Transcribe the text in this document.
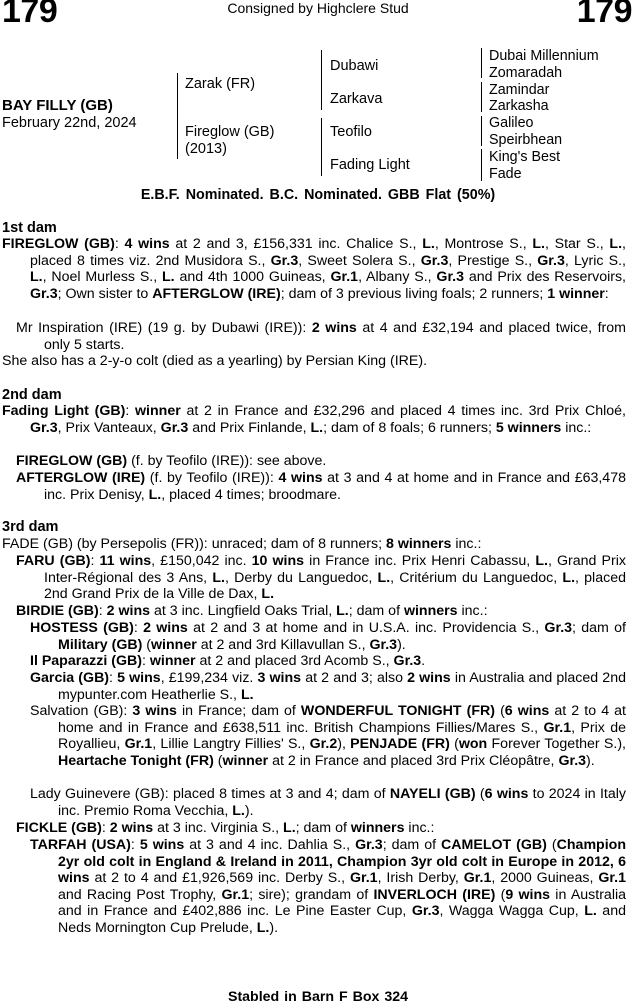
179	Consigned by Highclere Stud	179
BAY FILLY (GB)
February 22nd, 2024
Zarak (FR)
Fireglow (GB)
(2013)
Dubawi
Zarkava
Teofilo
Fading Light
Dubai Millennium
Zomaradah
Zamindar
Zarkasha
Galileo
Speirbhean
King's Best
Fade
E.B.F. Nominated. B.C. Nominated. GBB Flat (50%)
1st dam
FIREGLOW (GB): 4 wins at 2 and 3, £156,331 inc. Chalice S., L., Montrose S., L., Star S., L., placed 8 times viz. 2nd Musidora S., Gr.3, Sweet Solera S., Gr.3, Prestige S., Gr.3, Lyric S., L., Noel Murless S., L. and 4th 1000 Guineas, Gr.1, Albany S., Gr.3 and Prix des Reservoirs, Gr.3; Own sister to AFTERGLOW (IRE); dam of 3 previous living foals; 2 runners; 1 winner:
Mr Inspiration (IRE) (19 g. by Dubawi (IRE)): 2 wins at 4 and £32,194 and placed twice, from only 5 starts.
She also has a 2-y-o colt (died as a yearling) by Persian King (IRE).
2nd dam
Fading Light (GB): winner at 2 in France and £32,296 and placed 4 times inc. 3rd Prix Chloé, Gr.3, Prix Vanteaux, Gr.3 and Prix Finlande, L.; dam of 8 foals; 6 runners; 5 winners inc.:
FIREGLOW (GB) (f. by Teofilo (IRE)): see above.
AFTERGLOW (IRE) (f. by Teofilo (IRE)): 4 wins at 3 and 4 at home and in France and £63,478 inc. Prix Denisy, L., placed 4 times; broodmare.
3rd dam
FADE (GB) (by Persepolis (FR)): unraced; dam of 8 runners; 8 winners inc.:
FARU (GB): 11 wins, £150,042 inc. 10 wins in France inc. Prix Henri Cabassu, L., Grand Prix Inter-Régional des 3 Ans, L., Derby du Languedoc, L., Critérium du Languedoc, L., placed 2nd Grand Prix de la Ville de Dax, L.
BIRDIE (GB): 2 wins at 3 inc. Lingfield Oaks Trial, L.; dam of winners inc.:
HOSTESS (GB): 2 wins at 2 and 3 at home and in U.S.A. inc. Providencia S., Gr.3; dam of Military (GB) (winner at 2 and 3rd Killavullan S., Gr.3).
Il Paparazzi (GB): winner at 2 and placed 3rd Acomb S., Gr.3.
Garcia (GB): 5 wins, £199,234 viz. 3 wins at 2 and 3; also 2 wins in Australia and placed 2nd mypunter.com Heatherlie S., L.
Salvation (GB): 3 wins in France; dam of WONDERFUL TONIGHT (FR) (6 wins at 2 to 4 at home and in France and £638,511 inc. British Champions Fillies/Mares S., Gr.1, Prix de Royallieu, Gr.1, Lillie Langtry Fillies' S., Gr.2), PENJADE (FR) (won Forever Together S.), Heartache Tonight (FR) (winner at 2 in France and placed 3rd Prix Cléopâtre, Gr.3).
Lady Guinevere (GB): placed 8 times at 3 and 4; dam of NAYELI (GB) (6 wins to 2024 in Italy inc. Premio Roma Vecchia, L.).
FICKLE (GB): 2 wins at 3 inc. Virginia S., L.; dam of winners inc.:
TARFAH (USA): 5 wins at 3 and 4 inc. Dahlia S., Gr.3; dam of CAMELOT (GB) (Champion 2yr old colt in England & Ireland in 2011, Champion 3yr old colt in Europe in 2012, 6 wins at 2 to 4 and £1,926,569 inc. Derby S., Gr.1, Irish Derby, Gr.1, 2000 Guineas, Gr.1 and Racing Post Trophy, Gr.1; sire); grandam of INVERLOCH (IRE) (9 wins in Australia and in France and £402,886 inc. Le Pine Easter Cup, Gr.3, Wagga Wagga Cup, L. and Neds Mornington Cup Prelude, L.).
Stabled in Barn F Box 324
